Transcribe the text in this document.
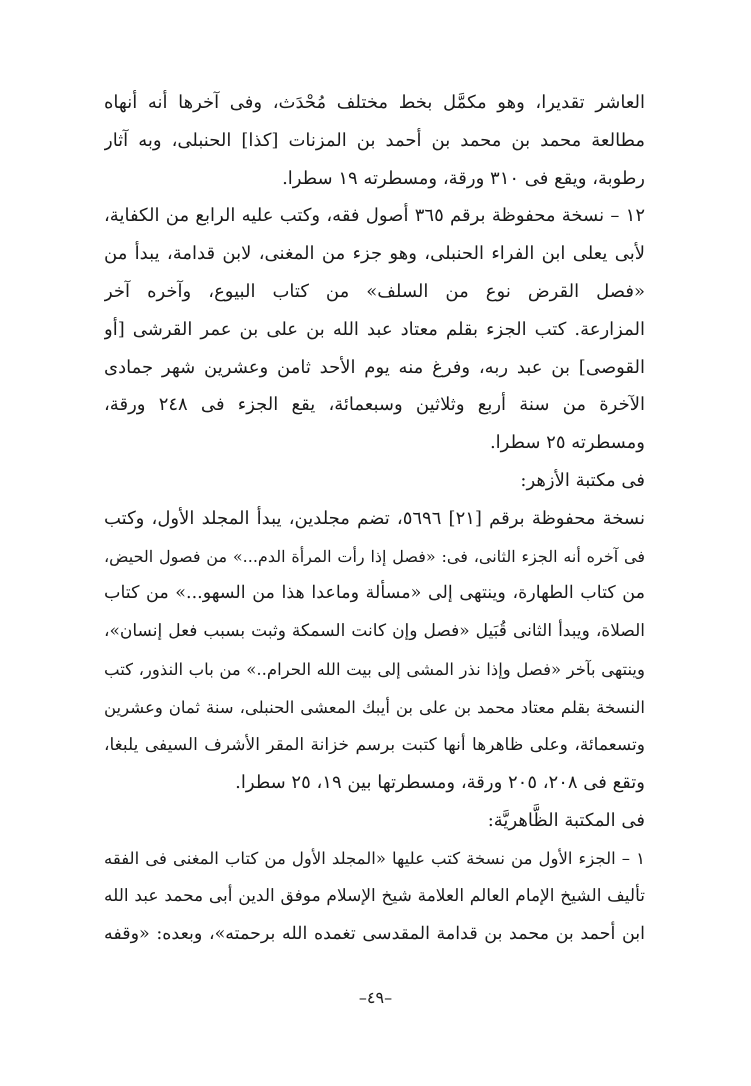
العاشر تقديرا، وهو مكمَّل بخط مختلف مُحْدَث، وفى آخرها أنه أنهاه
مطالعة محمد بن محمد بن أحمد بن المزنات [كذا] الحنبلى، وبه آثار
رطوبة، ويقع فى ٣١٠ ورقة، ومسطرته ١٩ سطرا.
١٢ – نسخة محفوظة برقم ٣٦٥ أصول فقه، وكتب عليه الرابع من الكفاية،
لأبى يعلى ابن الفراء الحنبلى، وهو جزء من المغنى، لابن قدامة، يبدأ من
«فصل القرض نوع من السلف» من كتاب البيوع، وآخره آخر
المزارعة. كتب الجزء بقلم معتاد عبد الله بن على بن عمر القرشى [أو
القوصى] بن عبد ربه، وفرغ منه يوم الأحد ثامن وعشرين شهر جمادى
الآخرة من سنة أربع وثلاثين وسبعمائة، يقع الجزء فى ٢٤٨ ورقة،
ومسطرته ٢٥ سطرا.
فى مكتبة الأزهر:
نسخة محفوظة برقم [٢١] ٥٦٩٦، تضم مجلدين، يبدأ المجلد الأول، وكتب
فى آخره أنه الجزء الثانى، فى: «فصل إذا رأت المرأة الدم...» من فصول الحيض،
من كتاب الطهارة، وينتهى إلى «مسألة وماعدا هذا من السهو...» من كتاب
الصلاة، ويبدأ الثانى قُبَيل «فصل وإن كانت السمكة وثبت بسبب فعل إنسان»،
وينتهى بآخر «فصل وإذا نذر المشى إلى بيت الله الحرام..» من باب النذور، كتب
النسخة بقلم معتاد محمد بن على بن أيبك المعشى الحنبلى، سنة ثمان وعشرين
وتسعمائة، وعلى ظاهرها أنها كتبت برسم خزانة المقر الأشرف السيفى يلبغا،
وتقع فى ٢٠٨، ٢٠٥ ورقة، ومسطرتها بين ١٩، ٢٥ سطرا.
فى المكتبة الظَّاهريَّة:
١ – الجزء الأول من نسخة كتب عليها «المجلد الأول من كتاب المغنى فى الفقه
تأليف الشيخ الإمام العالم العلامة شيخ الإسلام موفق الدين أبى محمد عبد الله
ابن أحمد بن محمد بن قدامة المقدسى تغمده الله برحمته»، وبعده: «وقفه
–٤٩–
